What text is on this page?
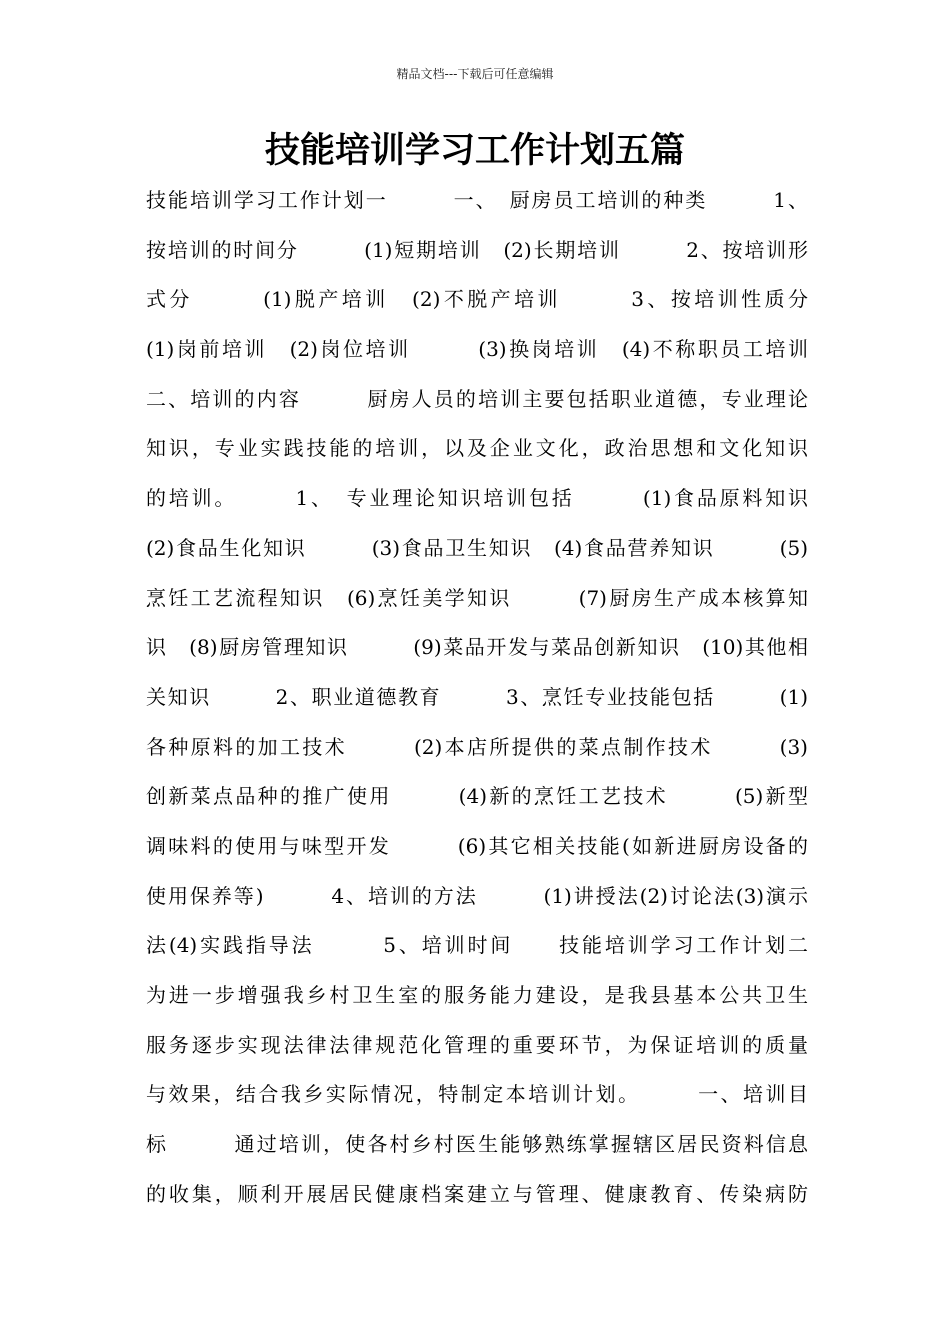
精品文档---下载后可任意编辑
技能培训学习工作计划五篇
技能培训学习工作计划一　　　一、　厨房员工培训的种类　　　1、
按培训的时间分　　　(1)短期培训　(2)长期培训　　　2、按培训形
式分　　　(1)脱产培训　(2)不脱产培训　　　3、按培训性质分
(1)岗前培训　(2)岗位培训　　　(3)换岗培训　(4)不称职员工培训
二、培训的内容　　　厨房人员的培训主要包括职业道德，专业理论
知识，专业实践技能的培训，以及企业文化，政治思想和文化知识
的培训。　　　1、　专业理论知识培训包括　　　(1)食品原料知识
(2)食品生化知识　　　(3)食品卫生知识　(4)食品营养知识　　　(5)
烹饪工艺流程知识　(6)烹饪美学知识　　　(7)厨房生产成本核算知
识　(8)厨房管理知识　　　(9)菜品开发与菜品创新知识　(10)其他相
关知识　　　2、职业道德教育　　　3、烹饪专业技能包括　　　(1)
各种原料的加工技术　　　(2)本店所提供的菜点制作技术　　　(3)
创新菜点品种的推广使用　　　(4)新的烹饪工艺技术　　　(5)新型
调味料的使用与味型开发　　　(6)其它相关技能(如新进厨房设备的
使用保养等)　　　4、培训的方法　　　(1)讲授法(2)讨论法(3)演示
法(4)实践指导法　　　5、培训时间　　技能培训学习工作计划二
为进一步增强我乡村卫生室的服务能力建设，是我县基本公共卫生
服务逐步实现法律法律规范化管理的重要环节，为保证培训的质量
与效果，结合我乡实际情况，特制定本培训计划。　　　一、培训目
标　　　通过培训，使各村乡村医生能够熟练掌握辖区居民资料信息
的收集，顺利开展居民健康档案建立与管理、健康教育、传染病防
